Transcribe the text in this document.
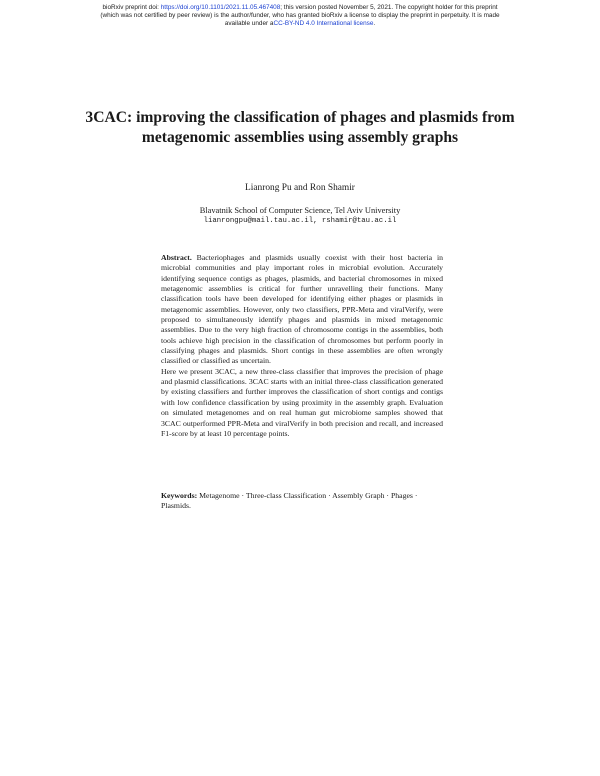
bioRxiv preprint doi: https://doi.org/10.1101/2021.11.05.467408; this version posted November 5, 2021. The copyright holder for this preprint
(which was not certified by peer review) is the author/funder, who has granted bioRxiv a license to display the preprint in perpetuity. It is made
available under aCC-BY-ND 4.0 International license.
3CAC: improving the classification of phages and plasmids from metagenomic assemblies using assembly graphs
Lianrong Pu and Ron Shamir
Blavatnik School of Computer Science, Tel Aviv University
lianrongpu@mail.tau.ac.il, rshamir@tau.ac.il

Abstract. Bacteriophages and plasmids usually coexist with their host bacteria in microbial communities and play important roles in microbial evolution. Accurately identifying sequence contigs as phages, plasmids, and bacterial chromosomes in mixed metagenomic assemblies is critical for further unravelling their functions. Many classification tools have been developed for identifying either phages or plasmids in metagenomic assemblies. However, only two classifiers, PPR-Meta and viralVerify, were proposed to simultaneously identify phages and plasmids in mixed metagenomic assemblies. Due to the very high fraction of chromosome contigs in the assemblies, both tools achieve high precision in the classification of chromosomes but perform poorly in classifying phages and plasmids. Short contigs in these assemblies are often wrongly classified or classified as uncertain.

Here we present 3CAC, a new three-class classifier that improves the precision of phage and plasmid classifications. 3CAC starts with an initial three-class classification generated by existing classifiers and further improves the classification of short contigs and contigs with low confidence classification by using proximity in the assembly graph. Evaluation on simulated metagenomes and on real human gut microbiome samples showed that 3CAC outperformed PPR-Meta and viralVerify in both precision and recall, and increased F1-score by at least 10 percentage points.

Keywords: Metagenome · Three-class Classification · Assembly Graph · Phages · Plasmids.
